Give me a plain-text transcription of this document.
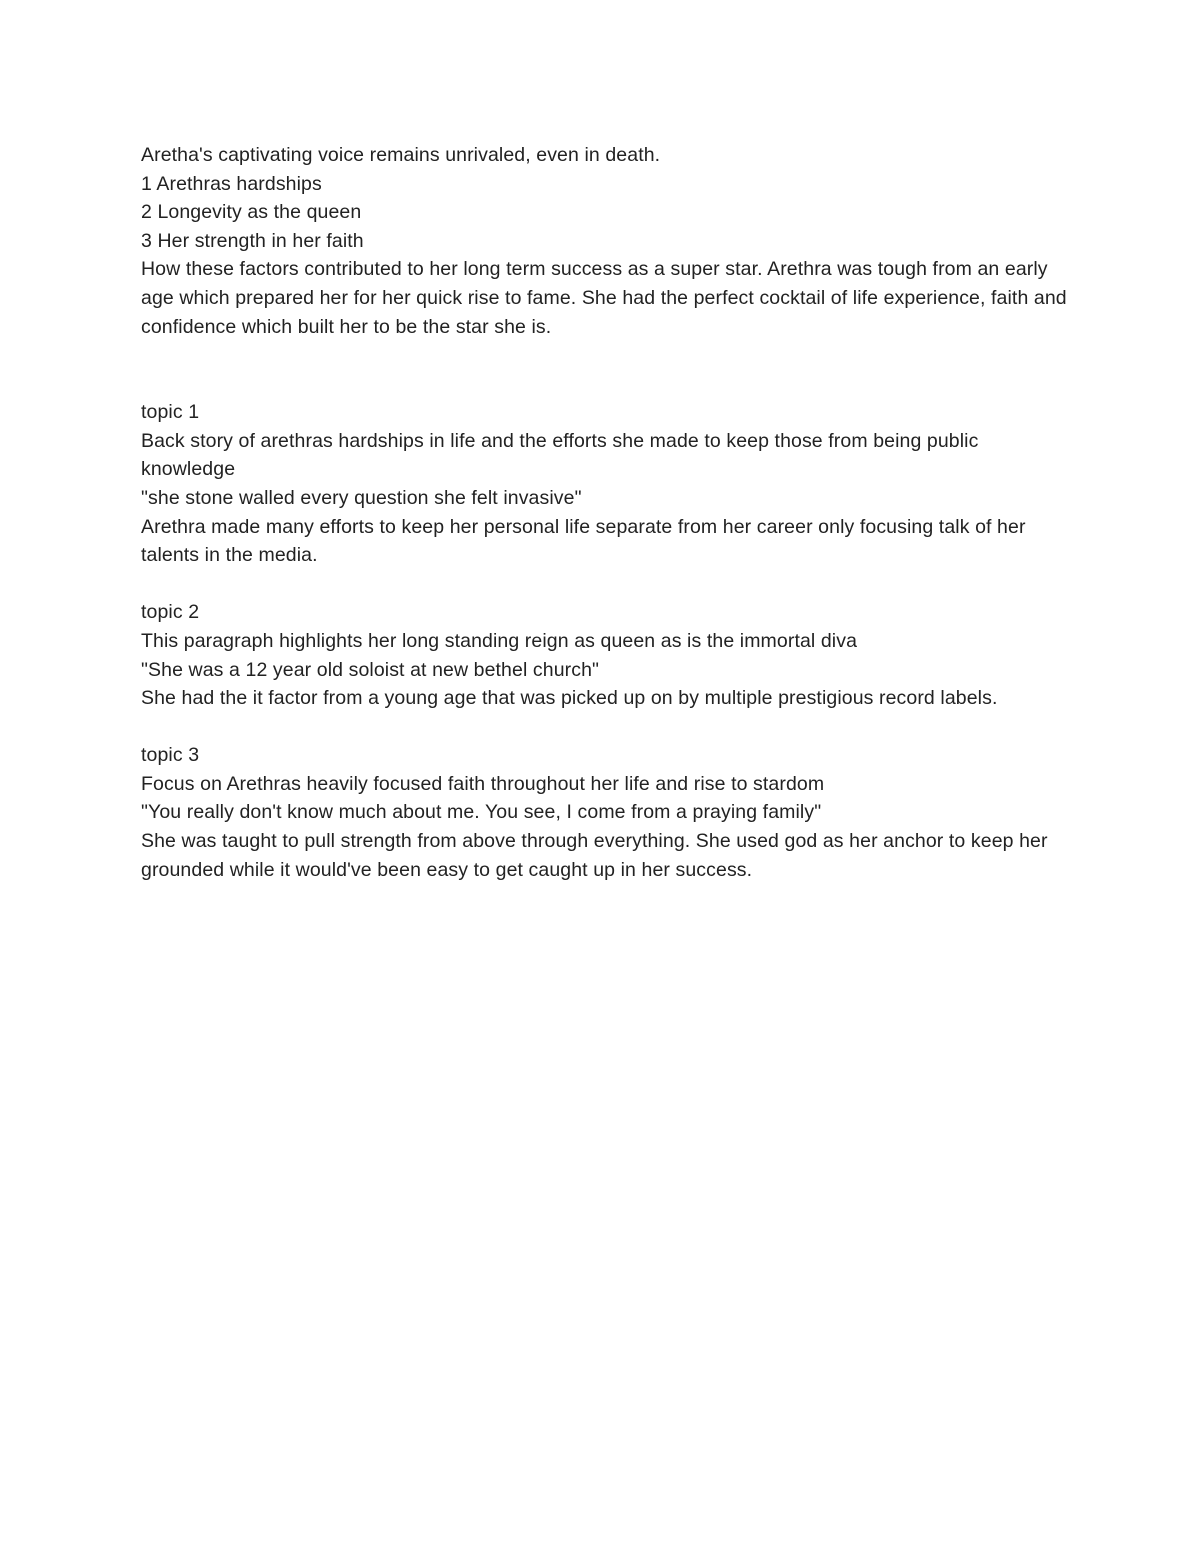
Aretha's captivating voice remains unrivaled, even in death.

1 Arethras hardships

2 Longevity as the queen

3 Her strength in her faith

How these factors contributed to her long term success as a super star. Arethra was tough from an early age which prepared her for her quick rise to fame. She had the perfect cocktail of life experience, faith and confidence which built her to be the star she is.

topic 1

Back story of arethras hardships in life and the efforts she made to keep those from being public knowledge

"she stone walled every question she felt invasive"

Arethra made many efforts to keep her personal life separate from her career only focusing talk of her talents in the media.

topic 2

This paragraph highlights her long standing reign as queen as is the immortal diva

"She was a 12 year old soloist at new bethel church"

She had the it factor from a young age that was picked up on by multiple prestigious record labels.

topic 3

Focus on Arethras heavily focused faith throughout her life and rise to stardom

"You really don't know much about me. You see, I come from a praying family"

She was taught to pull strength from above through everything. She used god as her anchor to keep her grounded while it would've been easy to get caught up in her success.
